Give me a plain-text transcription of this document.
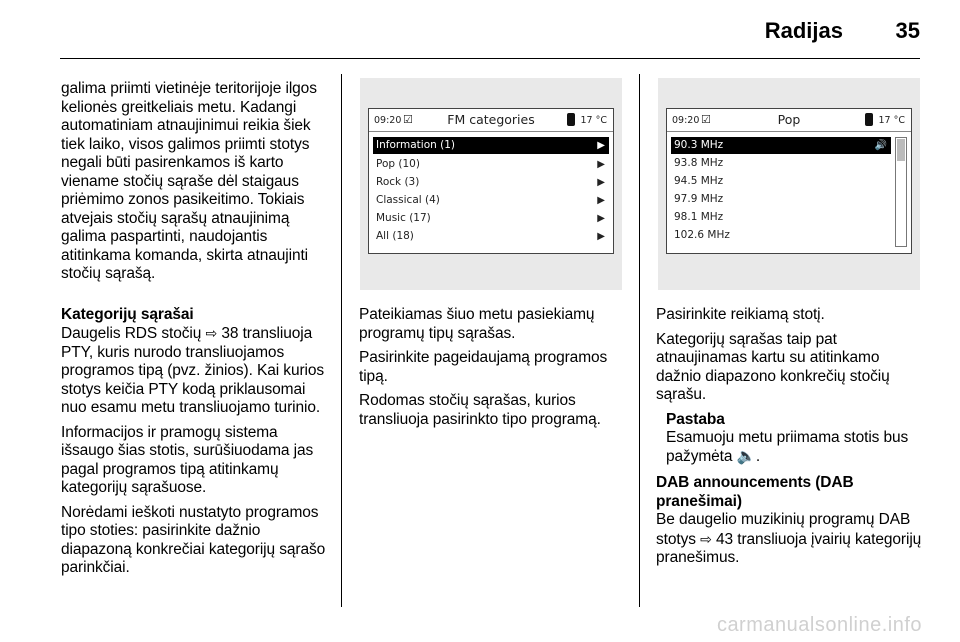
Radijas 35

galima priimti vietinėje teritorijoje ilgos kelionės greitkeliais metu. Kadangi automatiniam atnaujinimui reikia šiek tiek laiko, visos galimos priimti stotys negali būti pasirenkamos iš karto viename stočių sąraše dėl staigaus priėmimo zonos pasikeitimo. Tokiais atvejais stočių sąrašų atnaujinimą galima paspartinti, naudojantis atitinkama komanda, skirta atnaujinti stočių sąrašą.

Kategorijų sąrašai

Daugelis RDS stočių ⇨ 38 transliuoja PTY, kuris nurodo transliuojamos programos tipą (pvz. žinios). Kai kurios stotys keičia PTY kodą priklausomai nuo esamu metu transliuojamo turinio.

Informacijos ir pramogų sistema išsaugo šias stotis, surūšiuodama jas pagal programos tipą atitinkamų kategorijų sąrašuose.

Norėdami ieškoti nustatyto programos tipo stoties: pasirinkite dažnio diapazoną konkrečiai kategorijų sąrašo parinkčiai.

09:20 ☑	FM categories	17 °C
Information (1)	▶
Pop (10)	▶
Rock (3)	▶
Classical (4)	▶
Music (17)	▶
All (18)	▶
09:20 ☑	Pop	17 °C
90.3 MHz	🔊
93.8 MHz
94.5 MHz
97.9 MHz
98.1 MHz
102.6 MHz

Pateikiamas šiuo metu pasiekiamų programų tipų sąrašas.

Pasirinkite pageidaujamą programos tipą.

Rodomas stočių sąrašas, kurios transliuoja pasirinkto tipo programą.

Pasirinkite reikiamą stotį.

Kategorijų sąrašas taip pat atnaujinamas kartu su atitinkamo dažnio diapazono konkrečių stočių sąrašu.

Pastaba

Esamuoju metu priimama stotis bus pažymėta 🔈.

DAB announcements (DAB pranešimai)

Be daugelio muzikinių programų DAB stotys ⇨ 43 transliuoja įvairių kategorijų pranešimus.

carmanualsonline.info
